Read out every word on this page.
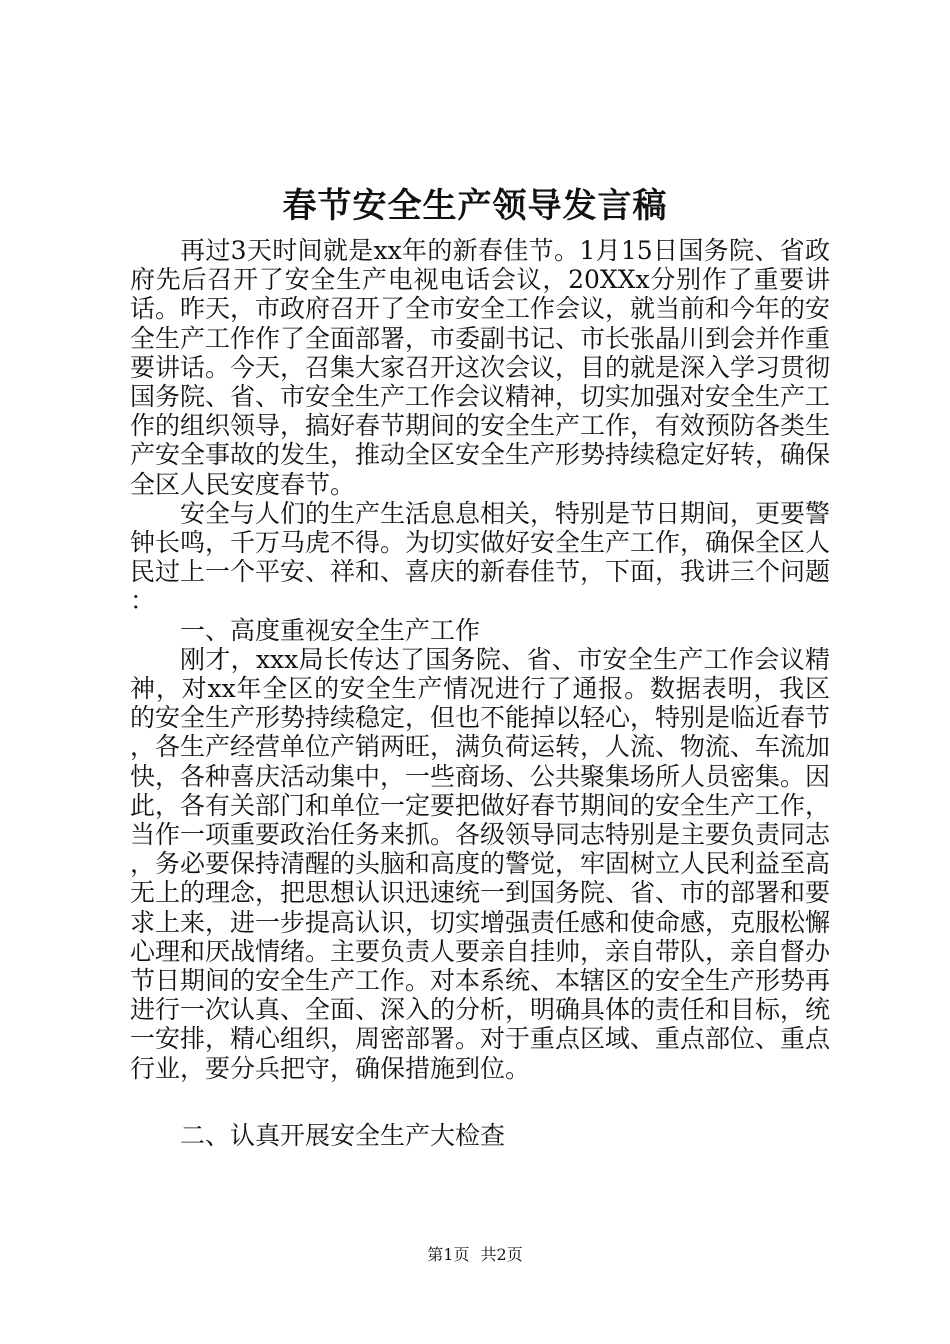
春节安全生产领导发言稿

再过3天时间就是xx年的新春佳节。1月15日国务院、省政府先后召开了安全生产电视电话会议，20XXx分别作了重要讲话。昨天，市政府召开了全市安全工作会议，就当前和今年的安全生产工作作了全面部署，市委副书记、市长张晶川到会并作重要讲话。今天，召集大家召开这次会议，目的就是深入学习贯彻国务院、省、市安全生产工作会议精神，切实加强对安全生产工作的组织领导，搞好春节期间的安全生产工作，有效预防各类生产安全事故的发生，推动全区安全生产形势持续稳定好转，确保全区人民安度春节。

安全与人们的生产生活息息相关，特别是节日期间，更要警钟长鸣，千万马虎不得。为切实做好安全生产工作，确保全区人民过上一个平安、祥和、喜庆的新春佳节，下面，我讲三个问题：

一、高度重视安全生产工作

刚才，xxx局长传达了国务院、省、市安全生产工作会议精神，对xx年全区的安全生产情况进行了通报。数据表明，我区的安全生产形势持续稳定，但也不能掉以轻心，特别是临近春节，各生产经营单位产销两旺，满负荷运转，人流、物流、车流加快，各种喜庆活动集中，一些商场、公共聚集场所人员密集。因此，各有关部门和单位一定要把做好春节期间的安全生产工作，当作一项重要政治任务来抓。各级领导同志特别是主要负责同志，务必要保持清醒的头脑和高度的警觉，牢固树立人民利益至高无上的理念，把思想认识迅速统一到国务院、省、市的部署和要求上来，进一步提高认识，切实增强责任感和使命感，克服松懈心理和厌战情绪。主要负责人要亲自挂帅，亲自带队，亲自督办节日期间的安全生产工作。对本系统、本辖区的安全生产形势再进行一次认真、全面、深入的分析，明确具体的责任和目标，统一安排，精心组织，周密部署。对于重点区域、重点部位、重点行业，要分兵把守，确保措施到位。

二、认真开展安全生产大检查

第1页 共2页
